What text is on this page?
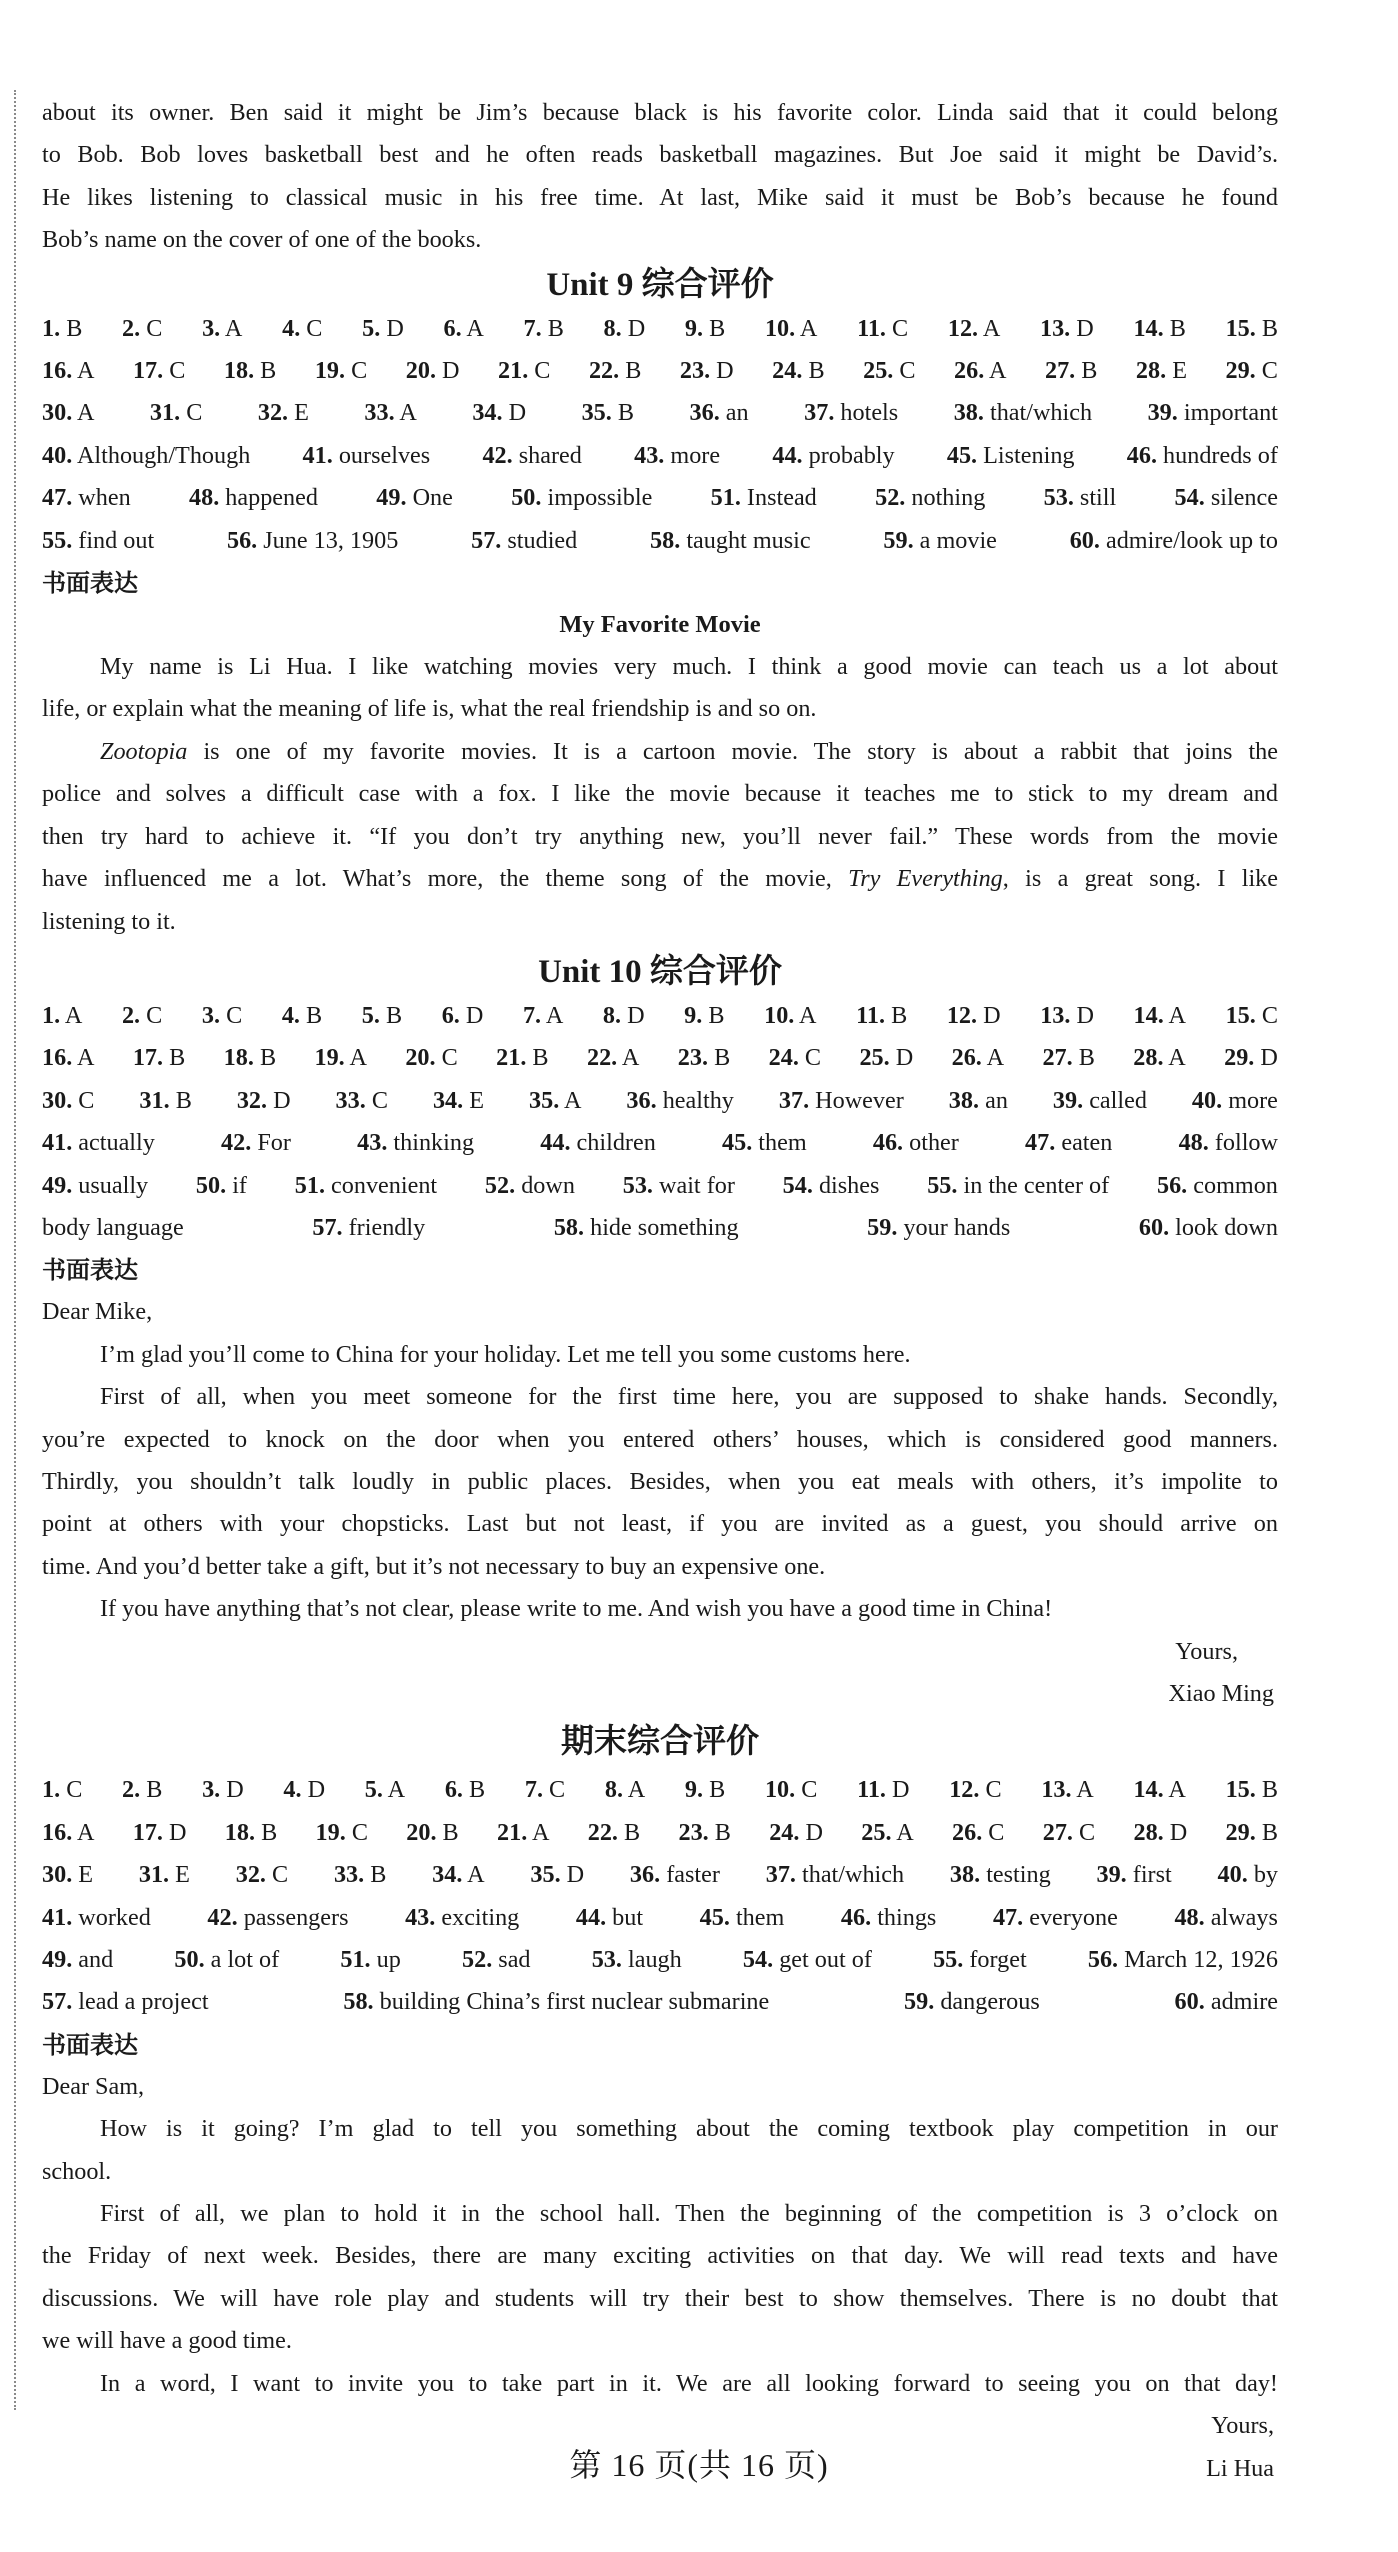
about its owner. Ben said it might be Jim’s because black is his favorite color. Linda said that it could belong
to Bob. Bob loves basketball best and he often reads basketball magazines. But Joe said it might be David’s.
He likes listening to classical music in his free time. At last, Mike said it must be Bob’s because he found
Bob’s name on the cover of one of the books.
Unit 9 综合评价
1. B 2. C 3. A 4. C 5. D 6. A 7. B 8. D 9. B 10. A 11. C 12. A 13. D 14. B 15. B
16. A 17. C 18. B 19. C 20. D 21. C 22. B 23. D 24. B 25. C 26. A 27. B 28. E 29. C
30. A 31. C 32. E 33. A 34. D 35. B 36. an 37. hotels 38. that/which 39. important
40. Although/Though 41. ourselves 42. shared 43. more 44. probably 45. Listening 46. hundreds of
47. when 48. happened 49. One 50. impossible 51. Instead 52. nothing 53. still 54. silence
55. find out	56. June 13, 1905	57. studied	58. taught music	59. a movie	60. admire/look up to
书面表达
My Favorite Movie
My name is Li Hua. I like watching movies very much. I think a good movie can teach us a lot about
life, or explain what the meaning of life is, what the real friendship is and so on.
Zootopia is one of my favorite movies. It is a cartoon movie. The story is about a rabbit that joins the
police and solves a difficult case with a fox. I like the movie because it teaches me to stick to my dream and
then try hard to achieve it. “If you don’t try anything new, you’ll never fail.” These words from the movie
have influenced me a lot. What’s more, the theme song of the movie, Try Everything, is a great song. I like
listening to it.
Unit 10 综合评价
1. A 2. C 3. C 4. B 5. B 6. D 7. A 8. D 9. B 10. A 11. B 12. D 13. D 14. A 15. C
16. A 17. B 18. B 19. A 20. C 21. B 22. A 23. B 24. C 25. D 26. A 27. B 28. A 29. D
30. C 31. B 32. D 33. C 34. E 35. A 36. healthy 37. However 38. an 39. called 40. more
41. actually	42. For	43. thinking	44. children	45. them	46. other	47. eaten	48. follow
49. usually 50. if 51. convenient 52. down 53. wait for 54. dishes 55. in the center of 56. common
body language	57. friendly	58. hide something	59. your hands	60. look down
书面表达
Dear Mike,
I’m glad you’ll come to China for your holiday. Let me tell you some customs here.
First of all, when you meet someone for the first time here, you are supposed to shake hands. Secondly,
you’re expected to knock on the door when you entered others’ houses, which is considered good manners.
Thirdly, you shouldn’t talk loudly in public places. Besides, when you eat meals with others, it’s impolite to
point at others with your chopsticks. Last but not least, if you are invited as a guest, you should arrive on
time. And you’d better take a gift, but it’s not necessary to buy an expensive one.
If you have anything that’s not clear, please write to me. And wish you have a good time in China!
Yours,
Xiao Ming
期末综合评价
1. C 2. B 3. D 4. D 5. A 6. B 7. C 8. A 9. B 10. C 11. D 12. C 13. A 14. A 15. B
16. A 17. D 18. B 19. C 20. B 21. A 22. B 23. B 24. D 25. A 26. C 27. C 28. D 29. B
30. E 31. E 32. C 33. B 34. A 35. D 36. faster 37. that/which 38. testing 39. first 40. by
41. worked 42. passengers 43. exciting 44. but 45. them 46. things 47. everyone 48. always
49. and	50. a lot of	51. up	52. sad	53. laugh	54. get out of	55. forget	56. March 12, 1926
57. lead a project	58. building China’s first nuclear submarine	59. dangerous	60. admire
书面表达
Dear Sam,
How is it going? I’m glad to tell you something about the coming textbook play competition in our
school.
First of all, we plan to hold it in the school hall. Then the beginning of the competition is 3 o’clock on
the Friday of next week. Besides, there are many exciting activities on that day. We will read texts and have
discussions. We will have role play and students will try their best to show themselves. There is no doubt that
we will have a good time.
In a word, I want to invite you to take part in it. We are all looking forward to seeing you on that day!
Yours,
Li Hua
第 16 页(共 16 页)
